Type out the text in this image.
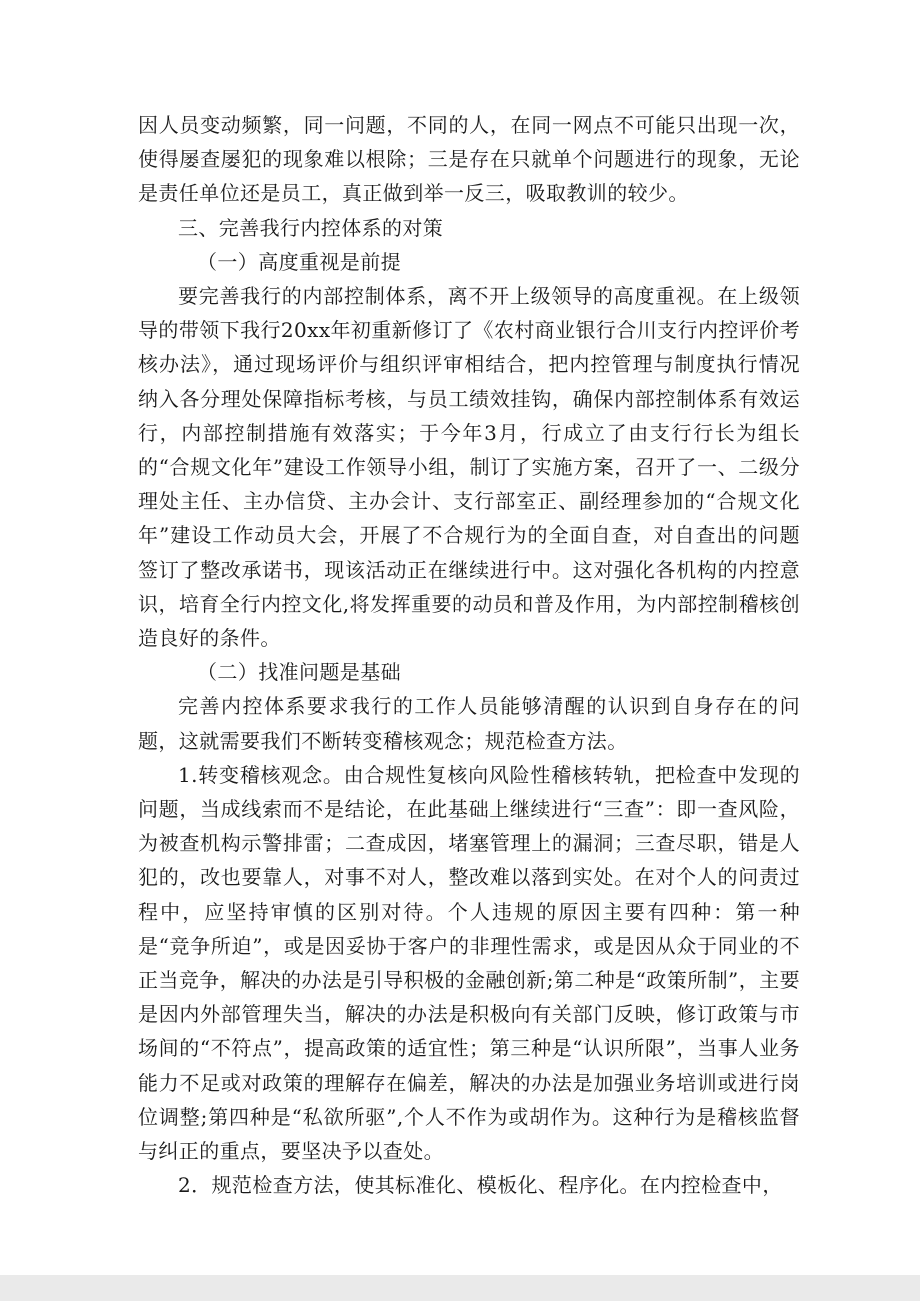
因人员变动频繁，同一问题，不同的人，在同一网点不可能只出现一次，使得屡查屡犯的现象难以根除；三是存在只就单个问题进行的现象，无论是责任单位还是员工，真正做到举一反三，吸取教训的较少。

三、完善我行内控体系的对策

（一）高度重视是前提

要完善我行的内部控制体系，离不开上级领导的高度重视。在上级领导的带领下我行20xx年初重新修订了《农村商业银行合川支行内控评价考核办法》，通过现场评价与组织评审相结合，把内控管理与制度执行情况纳入各分理处保障指标考核，与员工绩效挂钩，确保内部控制体系有效运行，内部控制措施有效落实；于今年3月，行成立了由支行行长为组长的“合规文化年”建设工作领导小组，制订了实施方案，召开了一、二级分理处主任、主办信贷、主办会计、支行部室正、副经理参加的“合规文化年”建设工作动员大会，开展了不合规行为的全面自查，对自查出的问题签订了整改承诺书，现该活动正在继续进行中。这对强化各机构的内控意识，培育全行内控文化,将发挥重要的动员和普及作用，为内部控制稽核创造良好的条件。

（二）找准问题是基础

完善内控体系要求我行的工作人员能够清醒的认识到自身存在的问题，这就需要我们不断转变稽核观念；规范检查方法。

1.转变稽核观念。由合规性复核向风险性稽核转轨，把检查中发现的问题，当成线索而不是结论，在此基础上继续进行“三查”：即一查风险，为被查机构示警排雷；二查成因，堵塞管理上的漏洞；三查尽职，错是人犯的，改也要靠人，对事不对人，整改难以落到实处。在对个人的问责过程中，应坚持审慎的区别对待。个人违规的原因主要有四种：第一种是“竞争所迫”，或是因妥协于客户的非理性需求，或是因从众于同业的不正当竞争，解决的办法是引导积极的金融创新;第二种是“政策所制”，主要是因内外部管理失当，解决的办法是积极向有关部门反映，修订政策与市场间的“不符点”，提高政策的适宜性；第三种是“认识所限”，当事人业务能力不足或对政策的理解存在偏差，解决的办法是加强业务培训或进行岗位调整;第四种是“私欲所驱”,个人不作为或胡作为。这种行为是稽核监督与纠正的重点，要坚决予以查处。

2．规范检查方法，使其标准化、模板化、程序化。在内控检查中，
